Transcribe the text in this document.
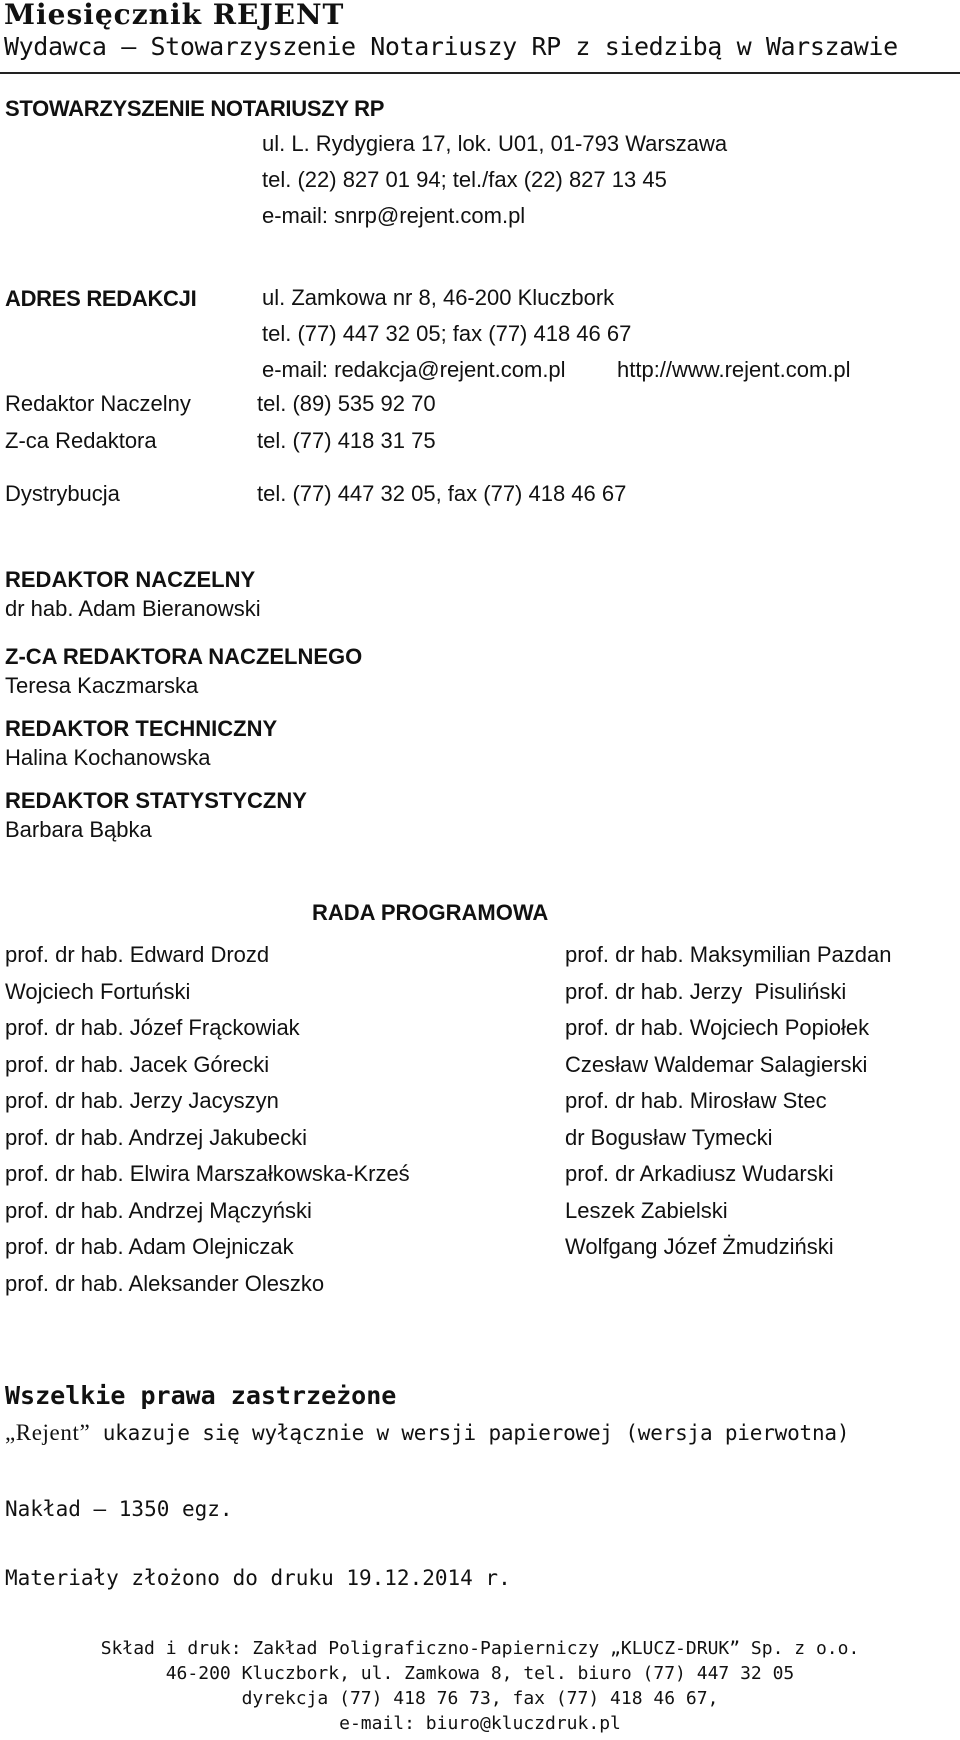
Miesięcznik REJENT
Wydawca – Stowarzyszenie Notariuszy RP z siedzibą w Warszawie
STOWARZYSZENIE NOTARIUSZY RP
ul. L. Rydygiera 17, lok. U01, 01-793 Warszawa
tel. (22) 827 01 94; tel./fax (22) 827 13 45
e-mail: snrp@rejent.com.pl
ADRES REDAKCJI	ul. Zamkowa nr 8, 46-200 Kluczbork
tel. (77) 447 32 05; fax (77) 418 46 67
e-mail: redakcja@rejent.com.pl http://www.rejent.com.pl
Redaktor Naczelny	tel. (89) 535 92 70
Z-ca Redaktora	tel. (77) 418 31 75
Dystrybucja	tel. (77) 447 32 05, fax (77) 418 46 67
REDAKTOR NACZELNY
dr hab. Adam Bieranowski
Z-CA REDAKTORA NACZELNEGO
Teresa Kaczmarska
REDAKTOR TECHNICZNY
Halina Kochanowska
REDAKTOR STATYSTYCZNY
Barbara Bąbka
RADA PROGRAMOWA
prof. dr hab. Edward Drozd
Wojciech Fortuński
prof. dr hab. Józef Frąckowiak
prof. dr hab. Jacek Górecki
prof. dr hab. Jerzy Jacyszyn
prof. dr hab. Andrzej Jakubecki
prof. dr hab. Elwira Marszałkowska-Krześ
prof. dr hab. Andrzej Mączyński
prof. dr hab. Adam Olejniczak
prof. dr hab. Aleksander Oleszko
prof. dr hab. Maksymilian Pazdan
prof. dr hab. Jerzy  Pisuliński
prof. dr hab. Wojciech Popiołek
Czesław Waldemar Salagierski
prof. dr hab. Mirosław Stec
dr Bogusław Tymecki
prof. dr Arkadiusz Wudarski
Leszek Zabielski
Wolfgang Józef Żmudziński
Wszelkie prawa zastrzeżone
„Rejent” ukazuje się wyłącznie w wersji papierowej (wersja pierwotna)
Nakład – 1350 egz.
Materiały złożono do druku 19.12.2014 r.
Skład i druk: Zakład Poligraficzno-Papierniczy „KLUCZ-DRUK” Sp. z o.o.
46-200 Kluczbork, ul. Zamkowa 8, tel. biuro (77) 447 32 05
dyrekcja (77) 418 76 73, fax (77) 418 46 67,
e-mail: biuro@kluczdruk.pl
